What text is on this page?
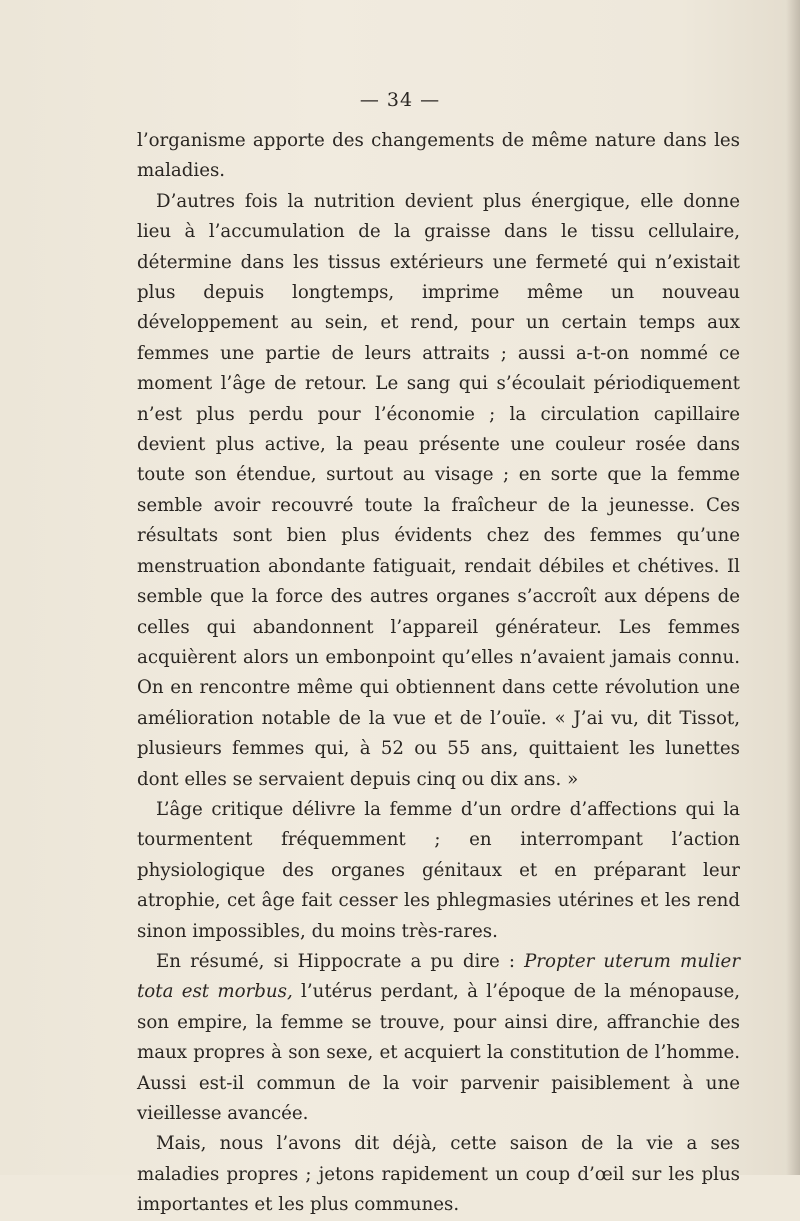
— 34 —

l’organisme apporte des changements de même nature dans les maladies.

D’autres fois la nutrition devient plus énergique, elle donne lieu à l’accumulation de la graisse dans le tissu cellulaire, détermine dans les tissus extérieurs une fermeté qui n’existait plus depuis longtemps, imprime même un nouveau développement au sein, et rend, pour un certain temps aux femmes une partie de leurs attraits ; aussi a-t-on nommé ce moment l’âge de retour. Le sang qui s’écoulait périodiquement n’est plus perdu pour l’économie ; la circulation capillaire devient plus active, la peau présente une couleur rosée dans toute son étendue, surtout au visage ; en sorte que la femme semble avoir recouvré toute la fraîcheur de la jeunesse. Ces résultats sont bien plus évidents chez des femmes qu’une menstruation abondante fatiguait, rendait débiles et chétives. Il semble que la force des autres organes s’accroît aux dépens de celles qui abandonnent l’appareil générateur. Les femmes acquièrent alors un embonpoint qu’elles n’avaient jamais connu. On en rencontre même qui obtiennent dans cette révolution une amélioration notable de la vue et de l’ouïe. « J’ai vu, dit Tissot, plusieurs femmes qui, à 52 ou 55 ans, quittaient les lunettes dont elles se servaient depuis cinq ou dix ans. »

L’âge critique délivre la femme d’un ordre d’affections qui la tourmentent fréquemment ; en interrompant l’action physiologique des organes génitaux et en préparant leur atrophie, cet âge fait cesser les phlegmasies utérines et les rend sinon impossibles, du moins très-rares.

En résumé, si Hippocrate a pu dire : Propter uterum mulier tota est morbus, l’utérus perdant, à l’époque de la ménopause, son empire, la femme se trouve, pour ainsi dire, affranchie des maux propres à son sexe, et acquiert la constitution de l’homme. Aussi est-il commun de la voir parvenir paisiblement à une vieillesse avancée.

Mais, nous l’avons dit déjà, cette saison de la vie a ses maladies propres ; jetons rapidement un coup d’œil sur les plus importantes et les plus communes.
